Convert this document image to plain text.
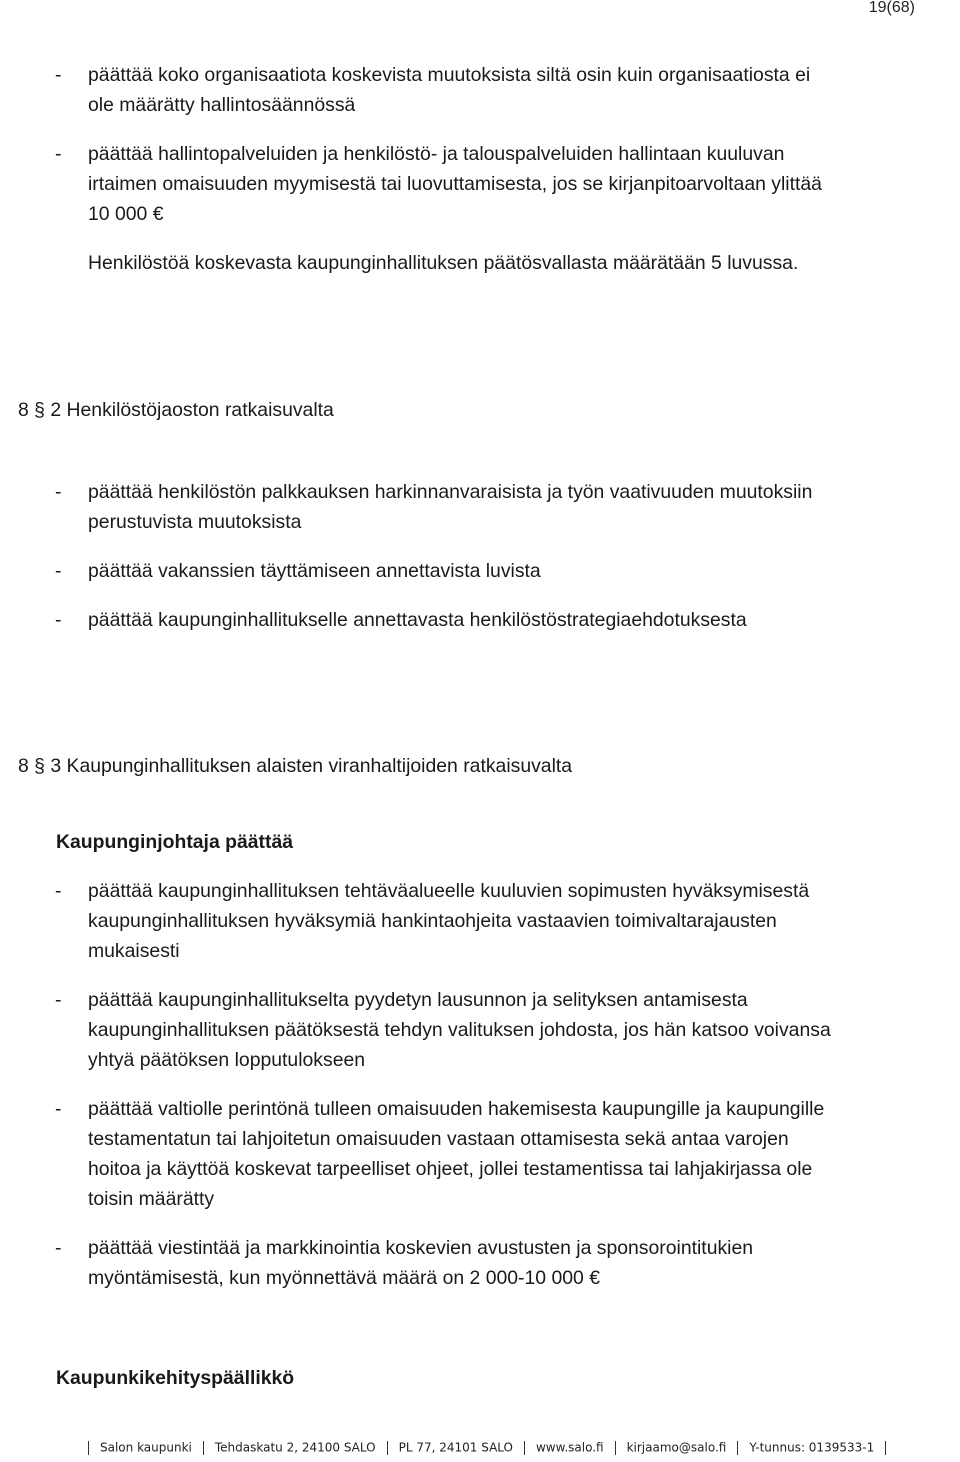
19(68)
- päättää koko organisaatiota koskevista muutoksista siltä osin kuin organisaatiosta ei
ole määrätty hallintosäännössä
- päättää hallintopalveluiden ja henkilöstö- ja talouspalveluiden hallintaan kuuluvan
irtaimen omaisuuden myymisestä tai luovuttamisesta, jos se kirjanpitoarvoltaan ylittää
10 000 €
Henkilöstöä koskevasta kaupunginhallituksen päätösvallasta määrätään 5 luvussa.
8 § 2 Henkilöstöjaoston ratkaisuvalta
- päättää henkilöstön palkkauksen harkinnanvaraisista ja työn vaativuuden muutoksiin
perustuvista muutoksista
- päättää vakanssien täyttämiseen annettavista luvista
- päättää kaupunginhallitukselle annettavasta henkilöstöstrategiaehdotuksesta
8 § 3 Kaupunginhallituksen alaisten viranhaltijoiden ratkaisuvalta
Kaupunginjohtaja päättää
- päättää kaupunginhallituksen tehtäväalueelle kuuluvien sopimusten hyväksymisestä
kaupunginhallituksen hyväksymiä hankintaohjeita vastaavien toimivaltarajausten
mukaisesti
- päättää kaupunginhallitukselta pyydetyn lausunnon ja selityksen antamisesta
kaupunginhallituksen päätöksestä tehdyn valituksen johdosta, jos hän katsoo voivansa
yhtyä päätöksen lopputulokseen
- päättää valtiolle perintönä tulleen omaisuuden hakemisesta kaupungille ja kaupungille
testamentatun tai lahjoitetun omaisuuden vastaan ottamisesta sekä antaa varojen
hoitoa ja käyttöä koskevat tarpeelliset ohjeet, jollei testamentissa tai lahjakirjassa ole
toisin määrätty
- päättää viestintää ja markkinointia koskevien avustusten ja sponsorointitukien
myöntämisestä, kun myönnettävä määrä on 2 000-10 000 €
Kaupunkikehityspäällikkö
Salon kaupunki Tehdaskatu 2, 24100 SALO PL 77, 24101 SALO www.salo.fi kirjaamo@salo.fi Y-tunnus: 0139533-1
